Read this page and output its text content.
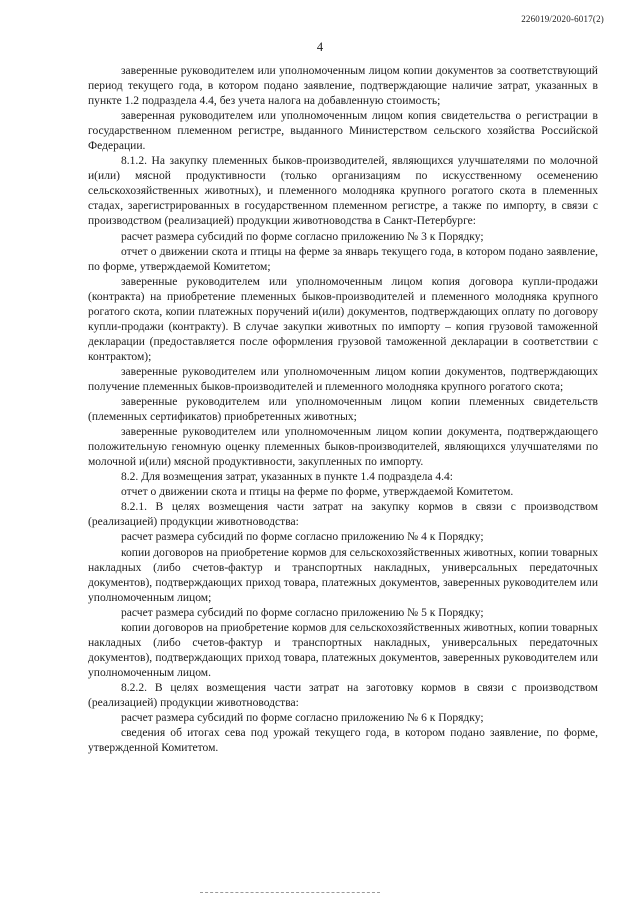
226019/2020-6017(2)
4

заверенные руководителем или уполномоченным лицом копии документов за соответствующий период текущего года, в котором подано заявление, подтверждающие наличие затрат, указанных в пункте 1.2 подраздела 4.4, без учета налога на добавленную стоимость;

заверенная руководителем или уполномоченным лицом копия свидетельства о регистрации в государственном племенном регистре, выданного Министерством сельского хозяйства Российской Федерации.

8.1.2. На закупку племенных быков-производителей, являющихся улучшателями по молочной и(или) мясной продуктивности (только организациям по искусственному осеменению сельскохозяйственных животных), и племенного молодняка крупного рогатого скота в племенных стадах, зарегистрированных в государственном племенном регистре, а также по импорту, в связи с производством (реализацией) продукции животноводства в Санкт-Петербурге:

расчет размера субсидий по форме согласно приложению № 3 к Порядку;

отчет о движении скота и птицы на ферме за январь текущего года, в котором подано заявление, по форме, утверждаемой Комитетом;

заверенные руководителем или уполномоченным лицом копия договора купли-продажи (контракта) на приобретение племенных быков-производителей и племенного молодняка крупного рогатого скота, копии платежных поручений и(или) документов, подтверждающих оплату по договору купли-продажи (контракту). В случае закупки животных по импорту – копия грузовой таможенной декларации (предоставляется после оформления грузовой таможенной декларации в соответствии с контрактом);

заверенные руководителем или уполномоченным лицом копии документов, подтверждающих получение племенных быков-производителей и племенного молодняка крупного рогатого скота;

заверенные руководителем или уполномоченным лицом копии племенных свидетельств (племенных сертификатов) приобретенных животных;

заверенные руководителем или уполномоченным лицом копии документа, подтверждающего положительную геномную оценку племенных быков-производителей, являющихся улучшателями по молочной и(или) мясной продуктивности, закупленных по импорту.

8.2. Для возмещения затрат, указанных в пункте 1.4 подраздела 4.4:

отчет о движении скота и птицы на ферме по форме, утверждаемой Комитетом.

8.2.1. В целях возмещения части затрат на закупку кормов в связи с производством (реализацией) продукции животноводства:

расчет размера субсидий по форме согласно приложению № 4 к Порядку;

копии договоров на приобретение кормов для сельскохозяйственных животных, копии товарных накладных (либо счетов-фактур и транспортных накладных, универсальных передаточных документов), подтверждающих приход товара, платежных документов, заверенных руководителем или уполномоченным лицом;

расчет размера субсидий по форме согласно приложению № 5 к Порядку;

копии договоров на приобретение кормов для сельскохозяйственных животных, копии товарных накладных (либо счетов-фактур и транспортных накладных, универсальных передаточных документов), подтверждающих приход товара, платежных документов, заверенных руководителем или уполномоченным лицом.

8.2.2. В целях возмещения части затрат на заготовку кормов в связи с производством (реализацией) продукции животноводства:

расчет размера субсидий по форме согласно приложению № 6 к Порядку;

сведения об итогах сева под урожай текущего года, в котором подано заявление, по форме, утвержденной Комитетом.
